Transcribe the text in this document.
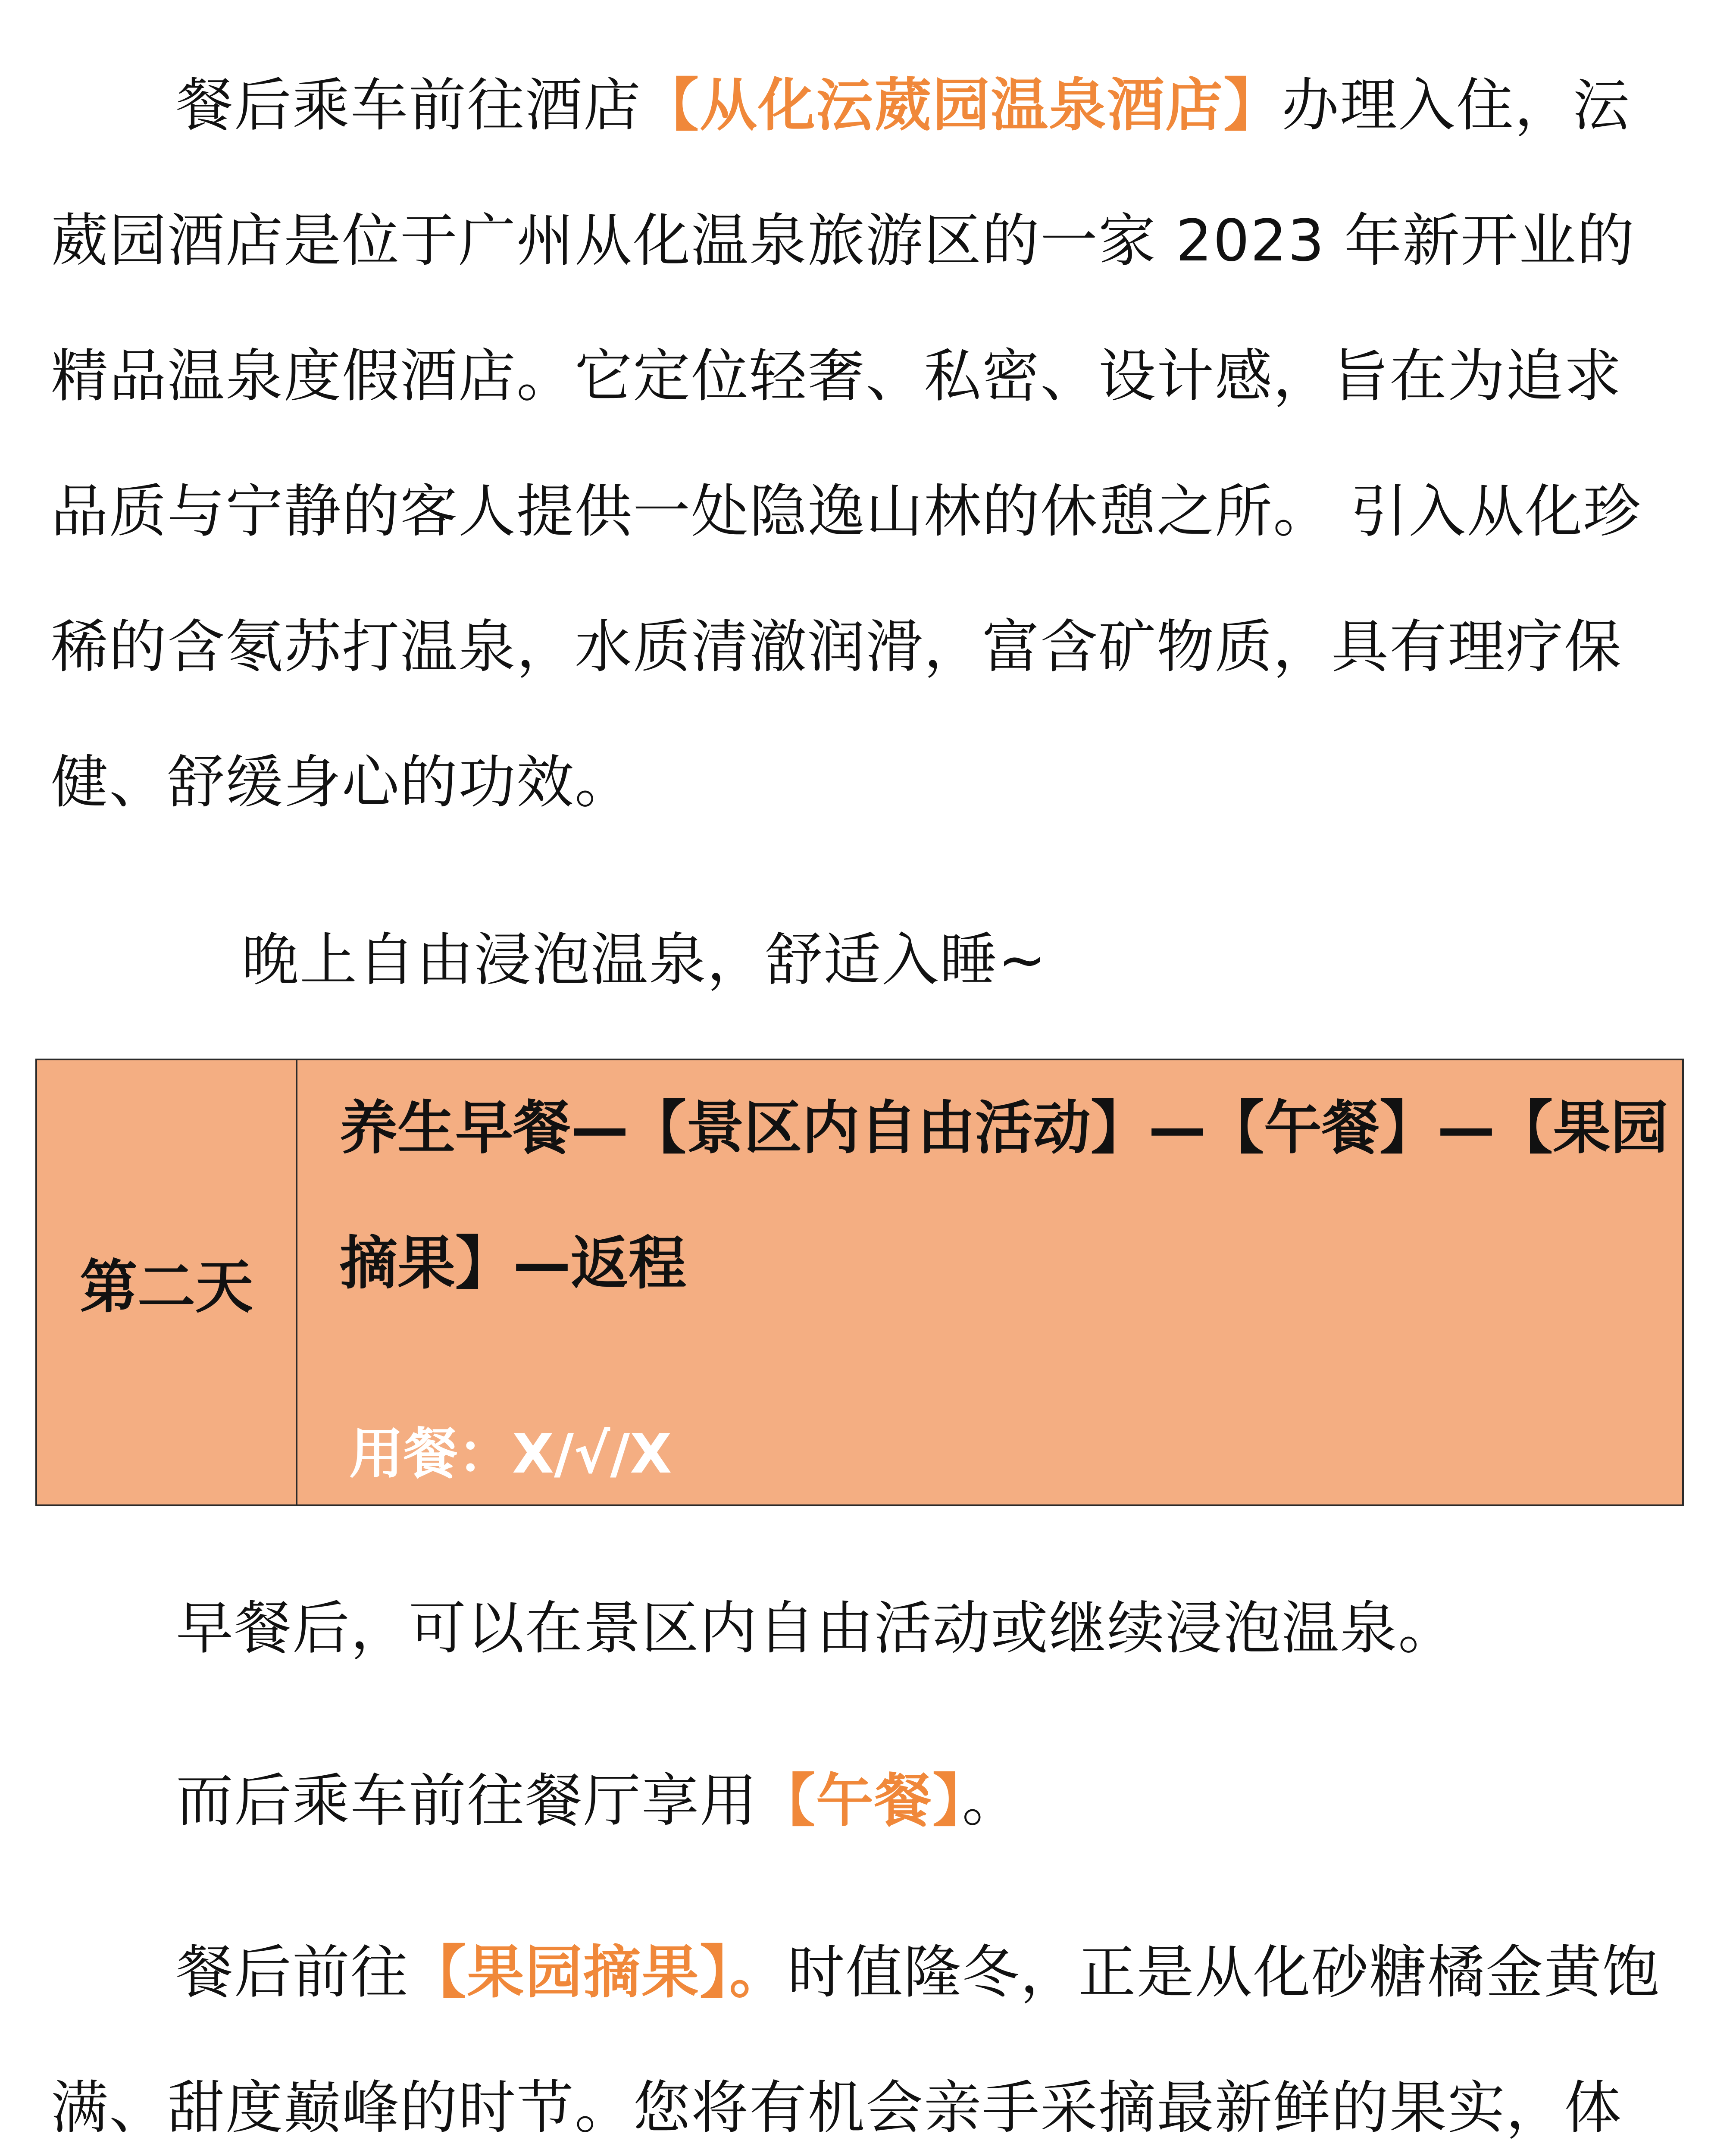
餐后乘车前往酒店【从化沄葳园温泉酒店】办理入住，沄葳园酒店是位于广州从化温泉旅游区的一家 2023 年新开业的精品温泉度假酒店。它定位轻奢、私密、设计感，旨在为追求品质与宁静的客人提供一处隐逸山林的休憩之所。 引入从化珍稀的含氡苏打温泉，水质清澈润滑，富含矿物质，具有理疗保健、舒缓身心的功效。

晚上自由浸泡温泉，舒适入睡~

第二天

养生早餐—【景区内自由活动】—【午餐】—【果园摘果】—返程

用餐：X/√/X

早餐后，可以在景区内自由活动或继续浸泡温泉。

而后乘车前往餐厅享用【午餐】。

餐后前往【果园摘果】。时值隆冬，正是从化砂糖橘金黄饱满、甜度巅峰的时节。您将有机会亲手采摘最新鲜的果实，体
